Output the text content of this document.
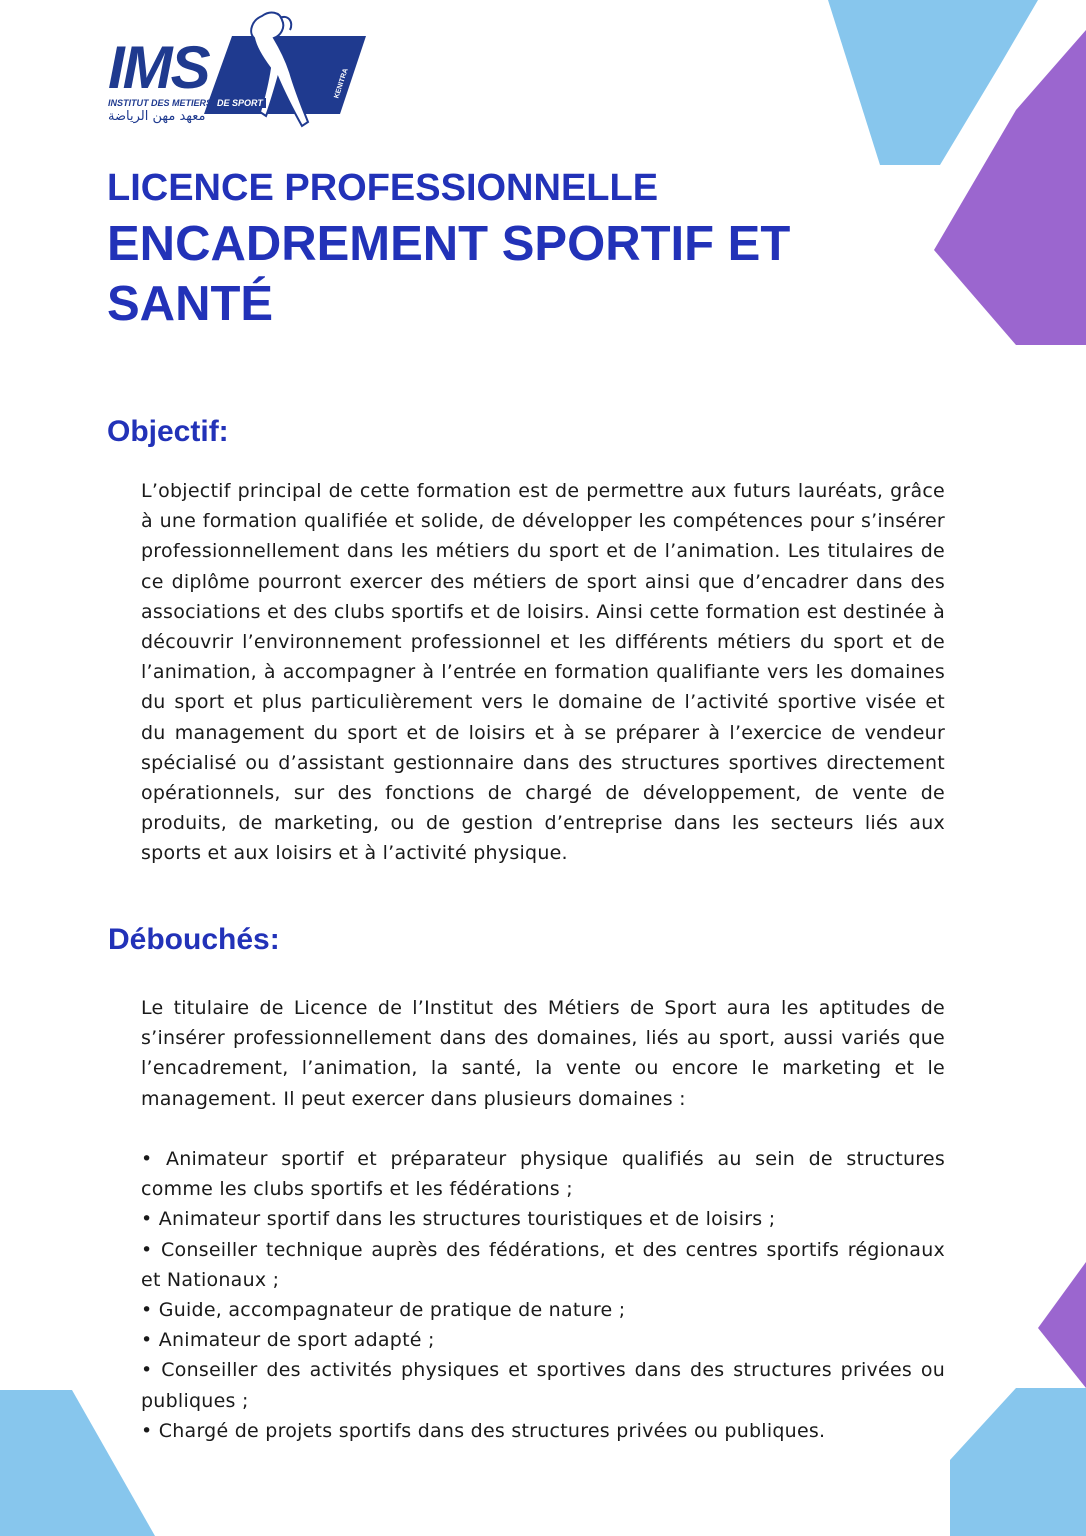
IMS
INSTITUT DES METIERS DE SPORT
معهد مهن الرياضة
KENITRA
LICENCE PROFESSIONNELLE
ENCADREMENT SPORTIF ET SANTÉ
Objectif:

L’objectif principal de cette formation est de permettre aux futurs lauréats, grâce à une formation qualifiée et solide, de développer les compétences pour s’insérer professionnellement dans les métiers du sport et de l’animation. Les titulaires de ce diplôme pourront exercer des métiers de sport ainsi que d’encadrer dans des associations et des clubs sportifs et de loisirs. Ainsi cette formation est destinée à découvrir l’environnement professionnel et les différents métiers du sport et de l’animation, à accompagner à l’entrée en formation qualifiante vers les domaines du sport et plus particulièrement vers le domaine de l’activité sportive visée et du management du sport et de loisirs et à se préparer à l’exercice de vendeur spécialisé ou d’assistant gestionnaire dans des structures sportives directement opérationnels, sur des fonctions de chargé de développement, de vente de produits, de marketing, ou de gestion d’entreprise dans les secteurs liés aux sports et aux loisirs et à l’activité physique.

Débouchés:

Le titulaire de Licence de l’Institut des Métiers de Sport aura les aptitudes de s’insérer professionnellement dans des domaines, liés au sport, aussi variés que l’encadrement, l’animation, la santé, la vente ou encore le marketing et le management. Il peut exercer dans plusieurs domaines :

• Animateur sportif et préparateur physique qualifiés au sein de structures comme les clubs sportifs et les fédérations ;
• Animateur sportif dans les structures touristiques et de loisirs ;
• Conseiller technique auprès des fédérations, et des centres sportifs régionaux et Nationaux ;
• Guide, accompagnateur de pratique de nature ;
• Animateur de sport adapté ;
• Conseiller des activités physiques et sportives dans des structures privées ou publiques ;
• Chargé de projets sportifs dans des structures privées ou publiques.
